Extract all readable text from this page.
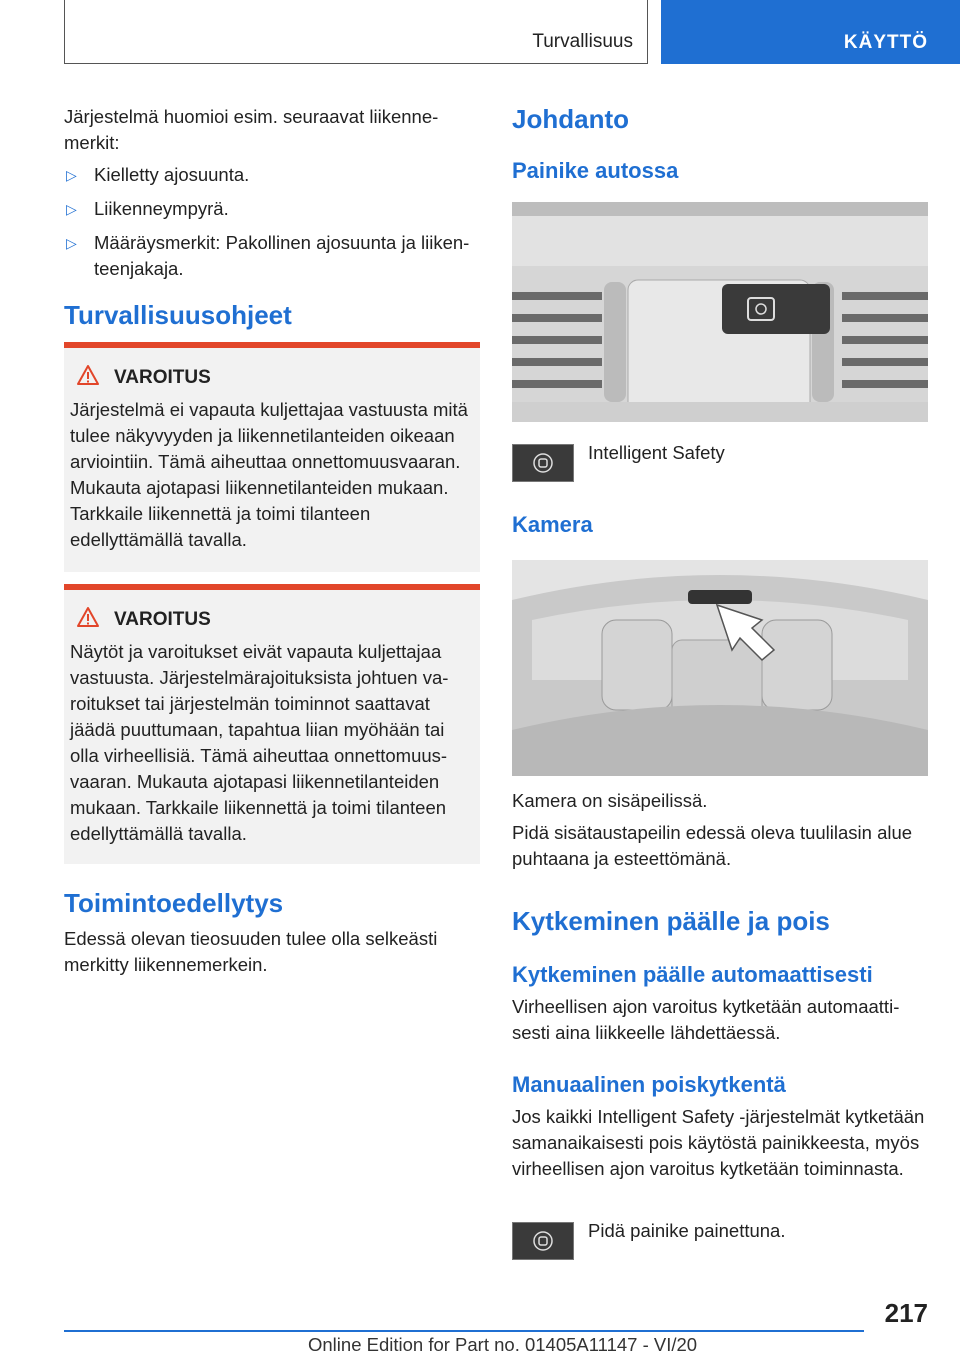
Turvallisuus	KÄYTTÖ

Järjestelmä huomioi esim. seuraavat liikennemerkit:

▷ Kielletty ajosuunta.
▷ Liikenneympyrä.
▷ Määräysmerkit: Pakollinen ajosuunta ja liikenteenjakaja.
Turvallisuusohjeet
VAROITUS

Järjestelmä ei vapauta kuljettajaa vastuusta mitä tulee näkyvyyden ja liikennetilanteiden oikeaan arviointiin. Tämä aiheuttaa onnettomuusvaaran. Mukauta ajotapasi liikennetilanteiden mukaan. Tarkkaile liikennettä ja toimi tilanteen edellyttämällä tavalla.

VAROITUS

Näytöt ja varoitukset eivät vapauta kuljettajaa vastuusta. Järjestelmärajoituksista johtuen varoitukset tai järjestelmän toiminnot saattavat jäädä puuttumaan, tapahtua liian myöhään tai olla virheellisiä. Tämä aiheuttaa onnettomuusvaaran. Mukauta ajotapasi liikennetilanteiden mukaan. Tarkkaile liikennettä ja toimi tilanteen edellyttämällä tavalla.

Toimintoedellytys

Edessä olevan tieosuuden tulee olla selkeästi merkitty liikennemerkein.

Johdanto
Painike autossa

Intelligent Safety

Kamera

Kamera on sisäpeilissä.

Pidä sisätaustapeilin edessä oleva tuulilasin alue puhtaana ja esteettömänä.

Kytkeminen päälle ja pois
Kytkeminen päälle automaattisesti

Virheellisen ajon varoitus kytketään automaattisesti aina liikkeelle lähdettäessä.

Manuaalinen poiskytkentä

Jos kaikki Intelligent Safety -järjestelmät kytketään samanaikaisesti pois käytöstä painikkeesta, myös virheellisen ajon varoitus kytketään toiminnasta.

Pidä painike painettuna.

217
Online Edition for Part no. 01405A11147 - VI/20
